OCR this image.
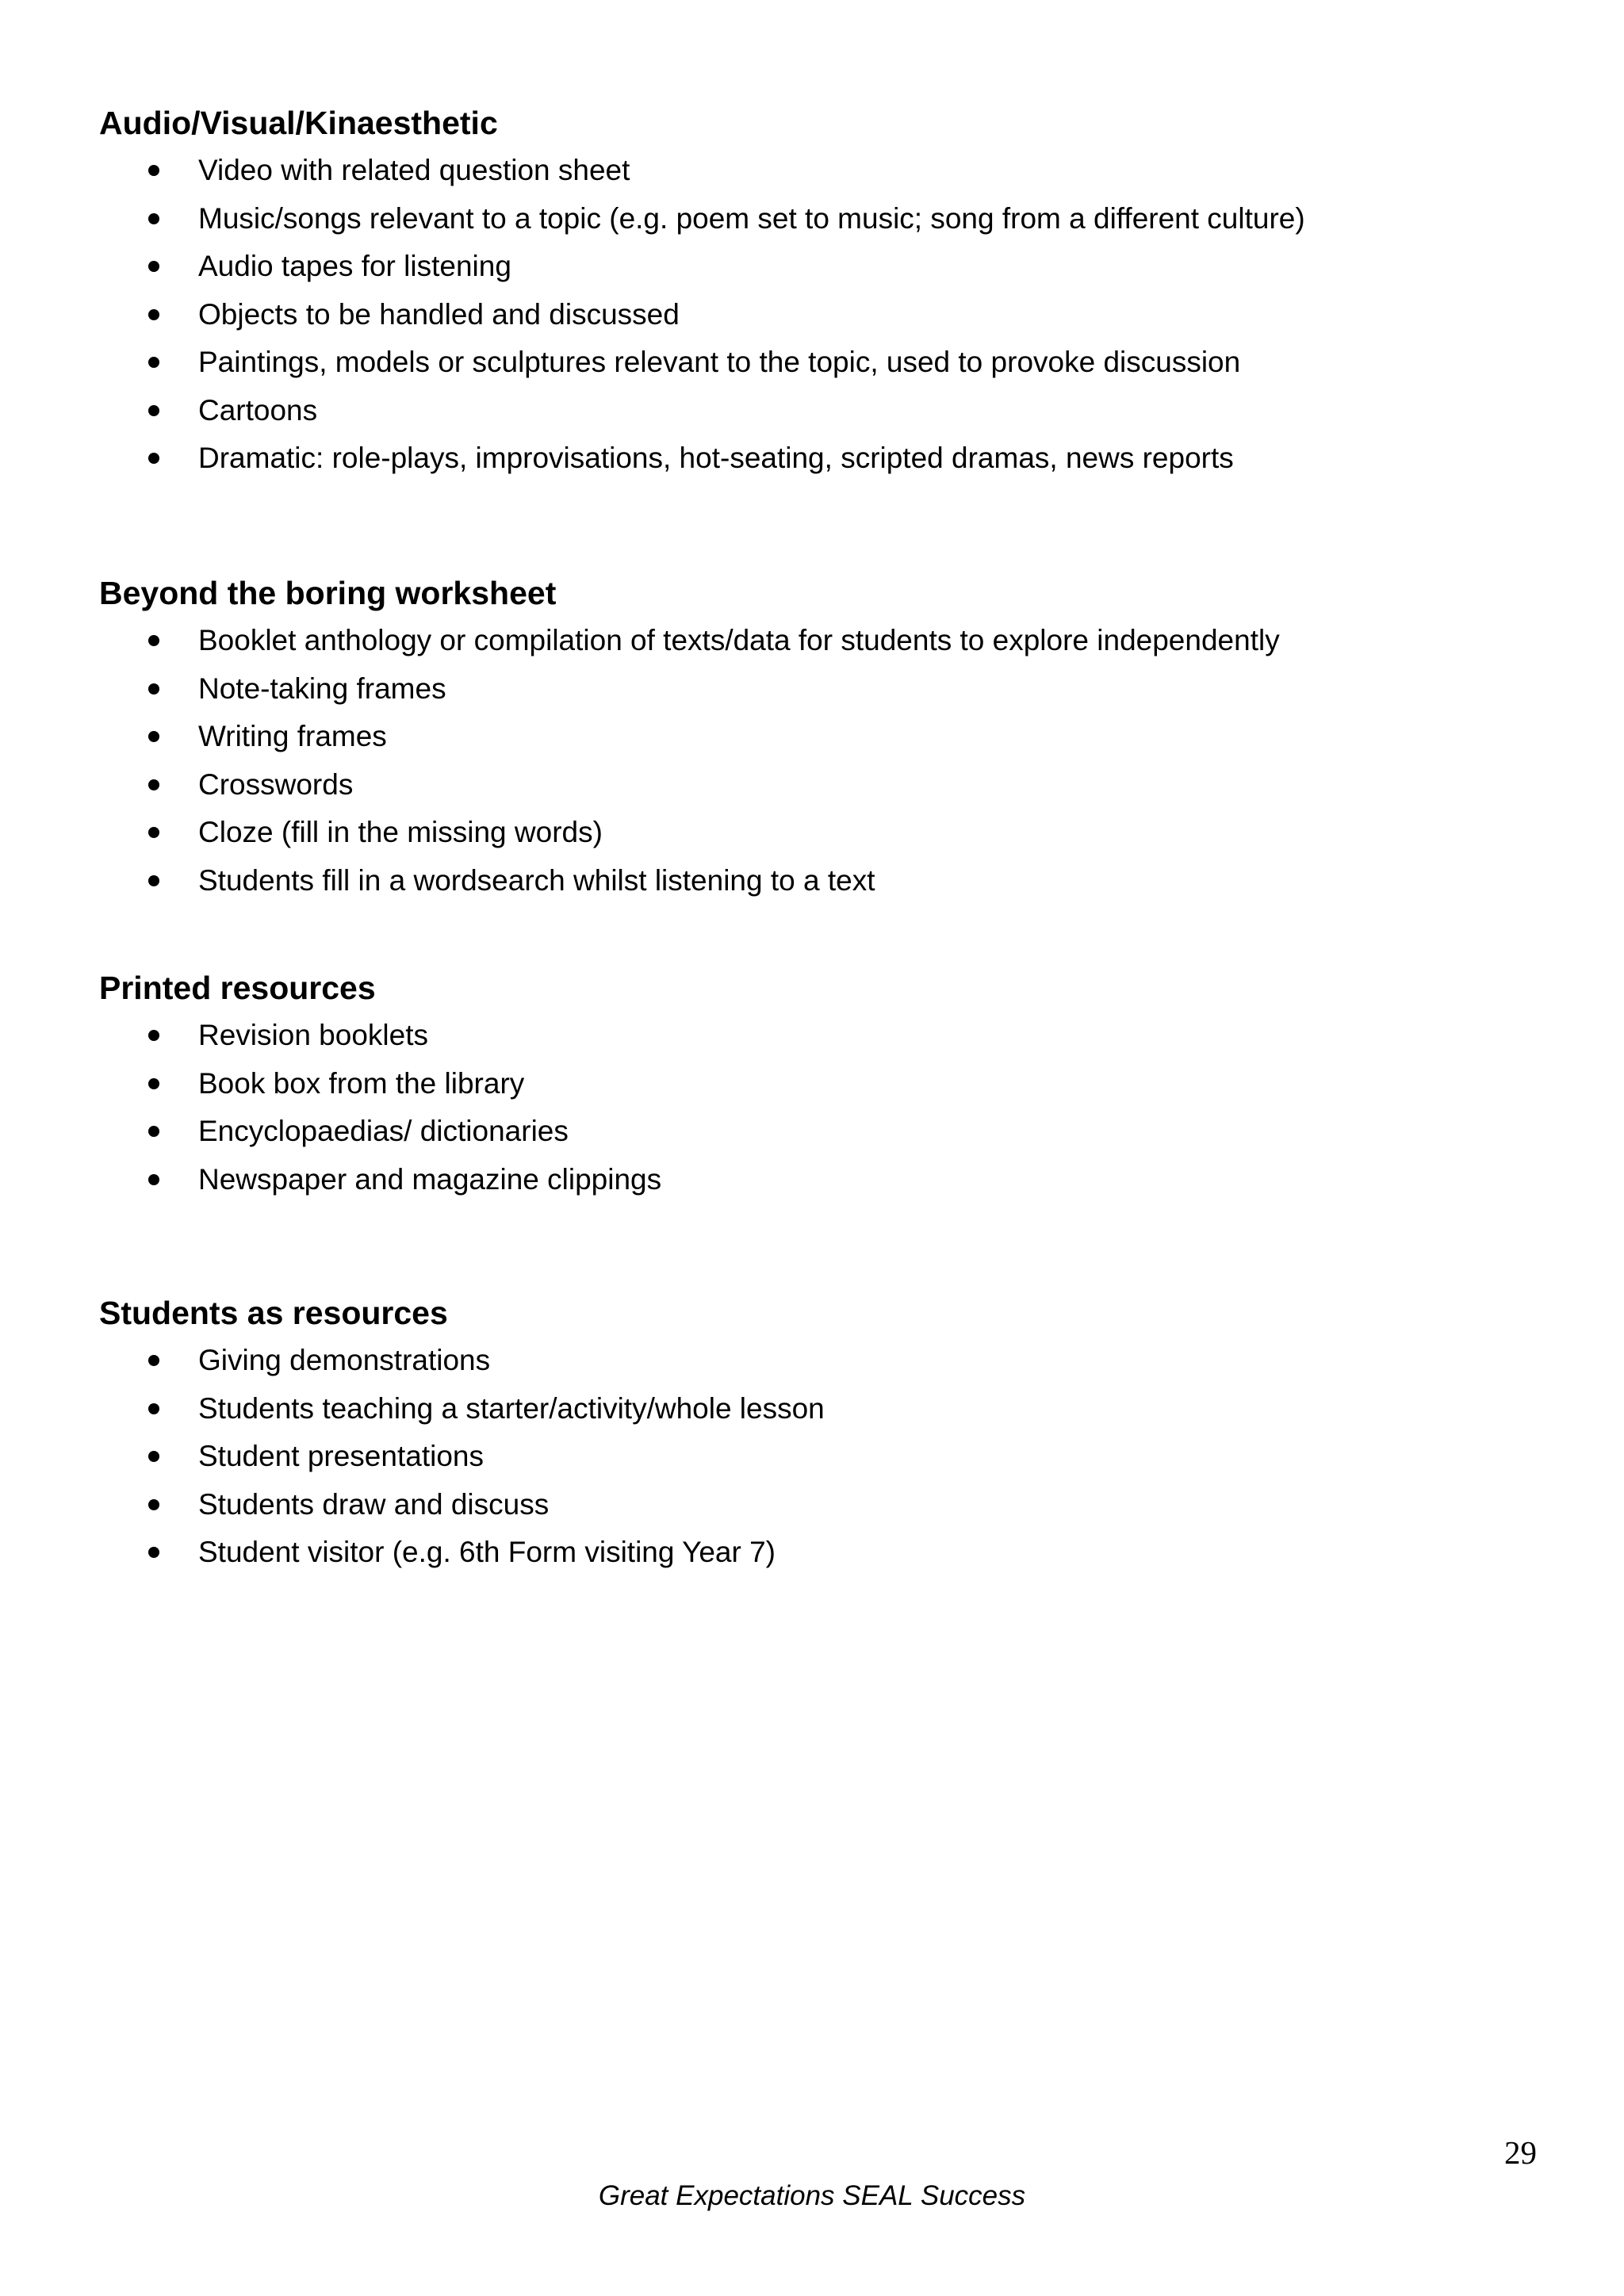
Audio/Visual/Kinaesthetic
Video with related question sheet
Music/songs relevant to a topic (e.g. poem set to music; song from a different culture)
Audio tapes for listening
Objects to be handled and discussed
Paintings, models or sculptures relevant to the topic, used to provoke discussion
Cartoons
Dramatic: role-plays, improvisations, hot-seating, scripted dramas, news reports
Beyond the boring worksheet
Booklet anthology or compilation of texts/data for students to explore independently
Note-taking frames
Writing frames
Crosswords
Cloze (fill in the missing words)
Students fill in a wordsearch whilst listening to a text
Printed resources
Revision booklets
Book box from the library
Encyclopaedias/ dictionaries
Newspaper and magazine clippings
Students as resources
Giving demonstrations
Students teaching a starter/activity/whole lesson
Student presentations
Students draw and discuss
Student visitor (e.g. 6th Form visiting Year 7)
29
Great Expectations SEAL Success
